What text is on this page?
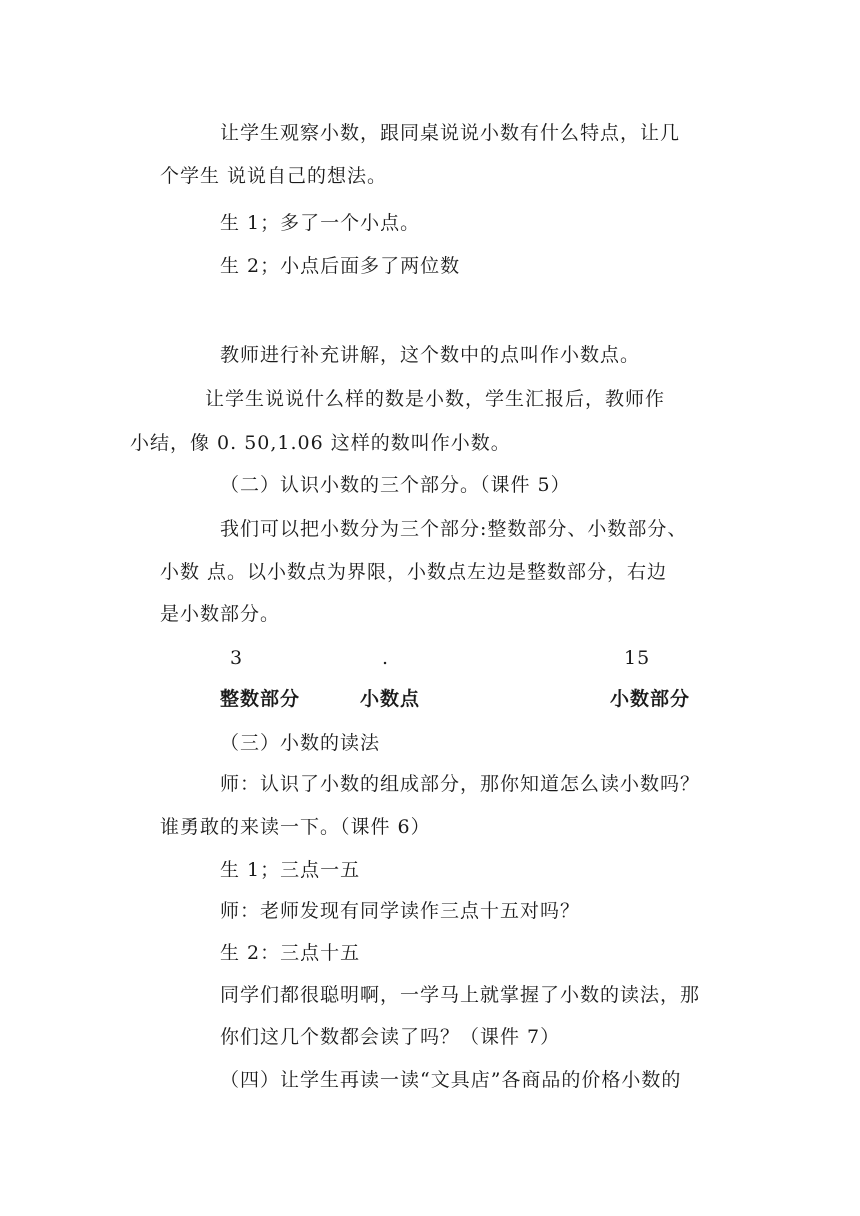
让学生观察小数，跟同桌说说小数有什么特点，让几
个学生 说说自己的想法。
生 1；多了一个小点。
生 2；小点后面多了两位数
教师进行补充讲解，这个数中的点叫作小数点。
让学生说说什么样的数是小数，学生汇报后，教师作
小结，像 0. 50,1.06 这样的数叫作小数。
（二）认识小数的三个部分。（课件 5）
我们可以把小数分为三个部分:整数部分、小数部分、
小数 点。以小数点为界限，小数点左边是整数部分，右边
是小数部分。
3	.	15
整数部分	小数点	小数部分
（三）小数的读法
师：认识了小数的组成部分，那你知道怎么读小数吗？
谁勇敢的来读一下。（课件 6）
生 1；三点一五
师：老师发现有同学读作三点十五对吗？
生 2：三点十五
同学们都很聪明啊，一学马上就掌握了小数的读法，那
你们这几个数都会读了吗？（课件 7）
（四）让学生再读一读“文具店”各商品的价格小数的
